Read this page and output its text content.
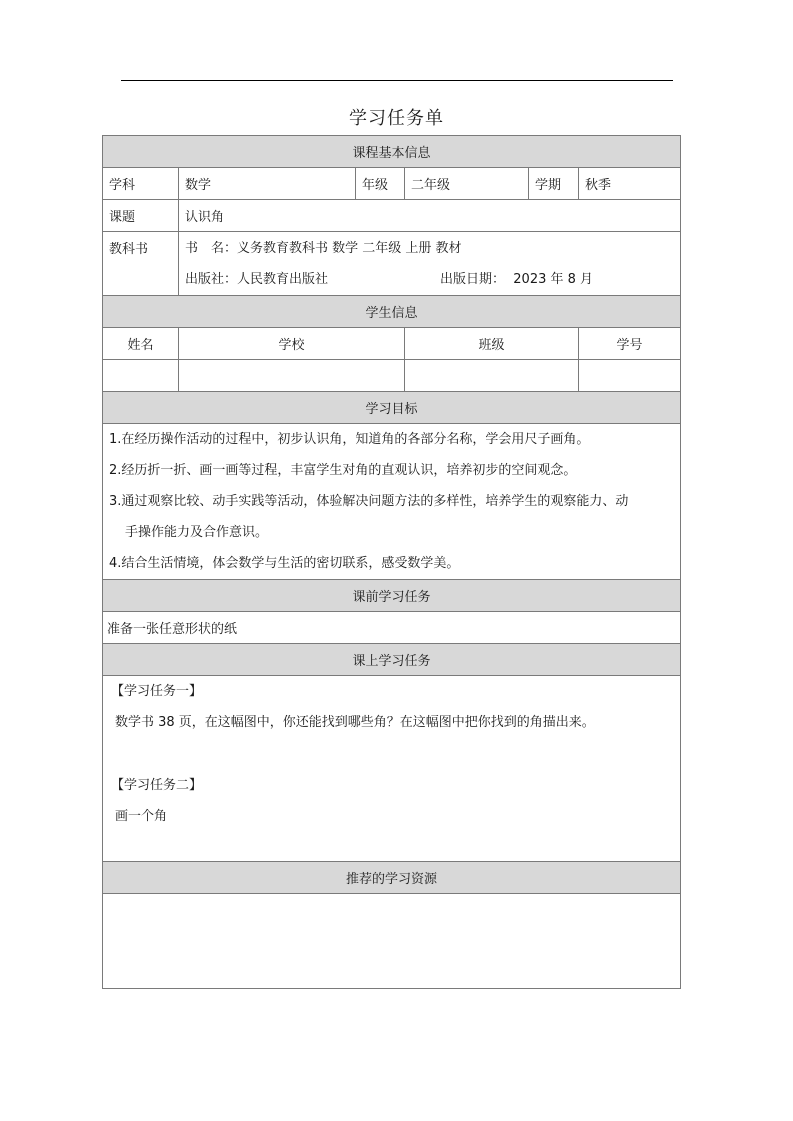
学习任务单
课程基本信息					
学科	数学	年级	二年级	学期	秋季
课题	认识角				
教科书	书　名：义务教育教科书 数学 二年级 上册 教材
出版社：人民教育出版社 出版日期： 2023 年 8 月				

学生信息					
姓名	学校		班级		学号

学习目标					

1.在经历操作活动的过程中，初步认识角，知道角的各部分名称，学会用尺子画角。

2.经历折一折、画一画等过程，丰富学生对角的直观认识，培养初步的空间观念。

3.通过观察比较、动手实践等活动，体验解决问题方法的多样性，培养学生的观察能力、动

手操作能力及合作意识。

4.结合生活情境，体会数学与生活的密切联系，感受数学美。					

课前学习任务					
准备一张任意形状的纸					
课上学习任务					

【学习任务一】

数学书 38 页，在这幅图中，你还能找到哪些角？在这幅图中把你找到的角描出来。

【学习任务二】

画一个角					

推荐的学习资源					
